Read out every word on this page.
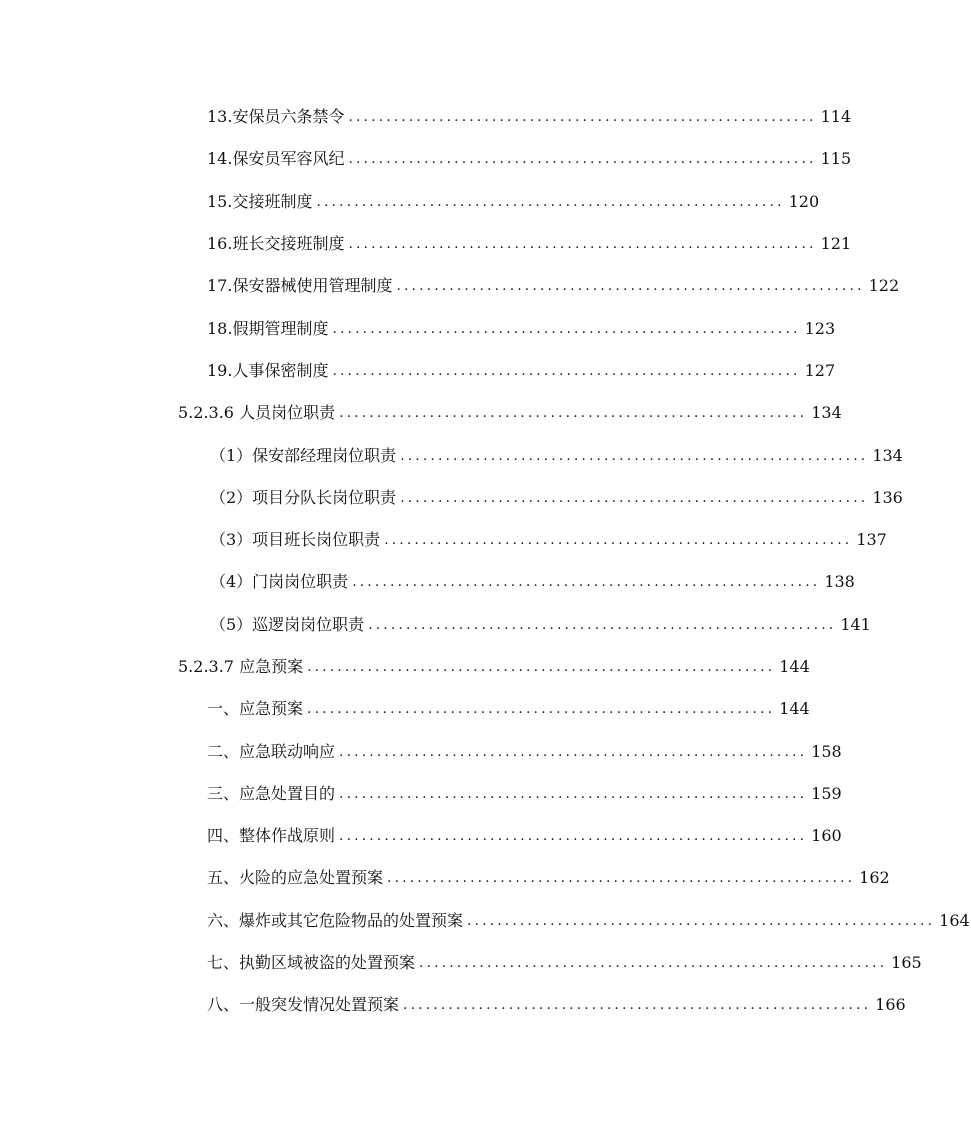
13.安保员六条禁令 .............................................................. 114
14.保安员军容风纪 .............................................................. 115
15.交接班制度 .............................................................. 120
16.班长交接班制度 .............................................................. 121
17.保安器械使用管理制度 .............................................................. 122
18.假期管理制度 .............................................................. 123
19.人事保密制度 .............................................................. 127
5.2.3.6 人员岗位职责 .............................................................. 134
（1）保安部经理岗位职责 .............................................................. 134
（2）项目分队长岗位职责 .............................................................. 136
（3）项目班长岗位职责 .............................................................. 137
（4）门岗岗位职责 .............................................................. 138
（5）巡逻岗岗位职责 .............................................................. 141
5.2.3.7 应急预案 .............................................................. 144
一、应急预案 .............................................................. 144
二、应急联动响应 .............................................................. 158
三、应急处置目的 .............................................................. 159
四、整体作战原则 .............................................................. 160
五、火险的应急处置预案 .............................................................. 162
六、爆炸或其它危险物品的处置预案 .............................................................. 164
七、执勤区域被盗的处置预案 .............................................................. 165
八、一般突发情况处置预案 .............................................................. 166
